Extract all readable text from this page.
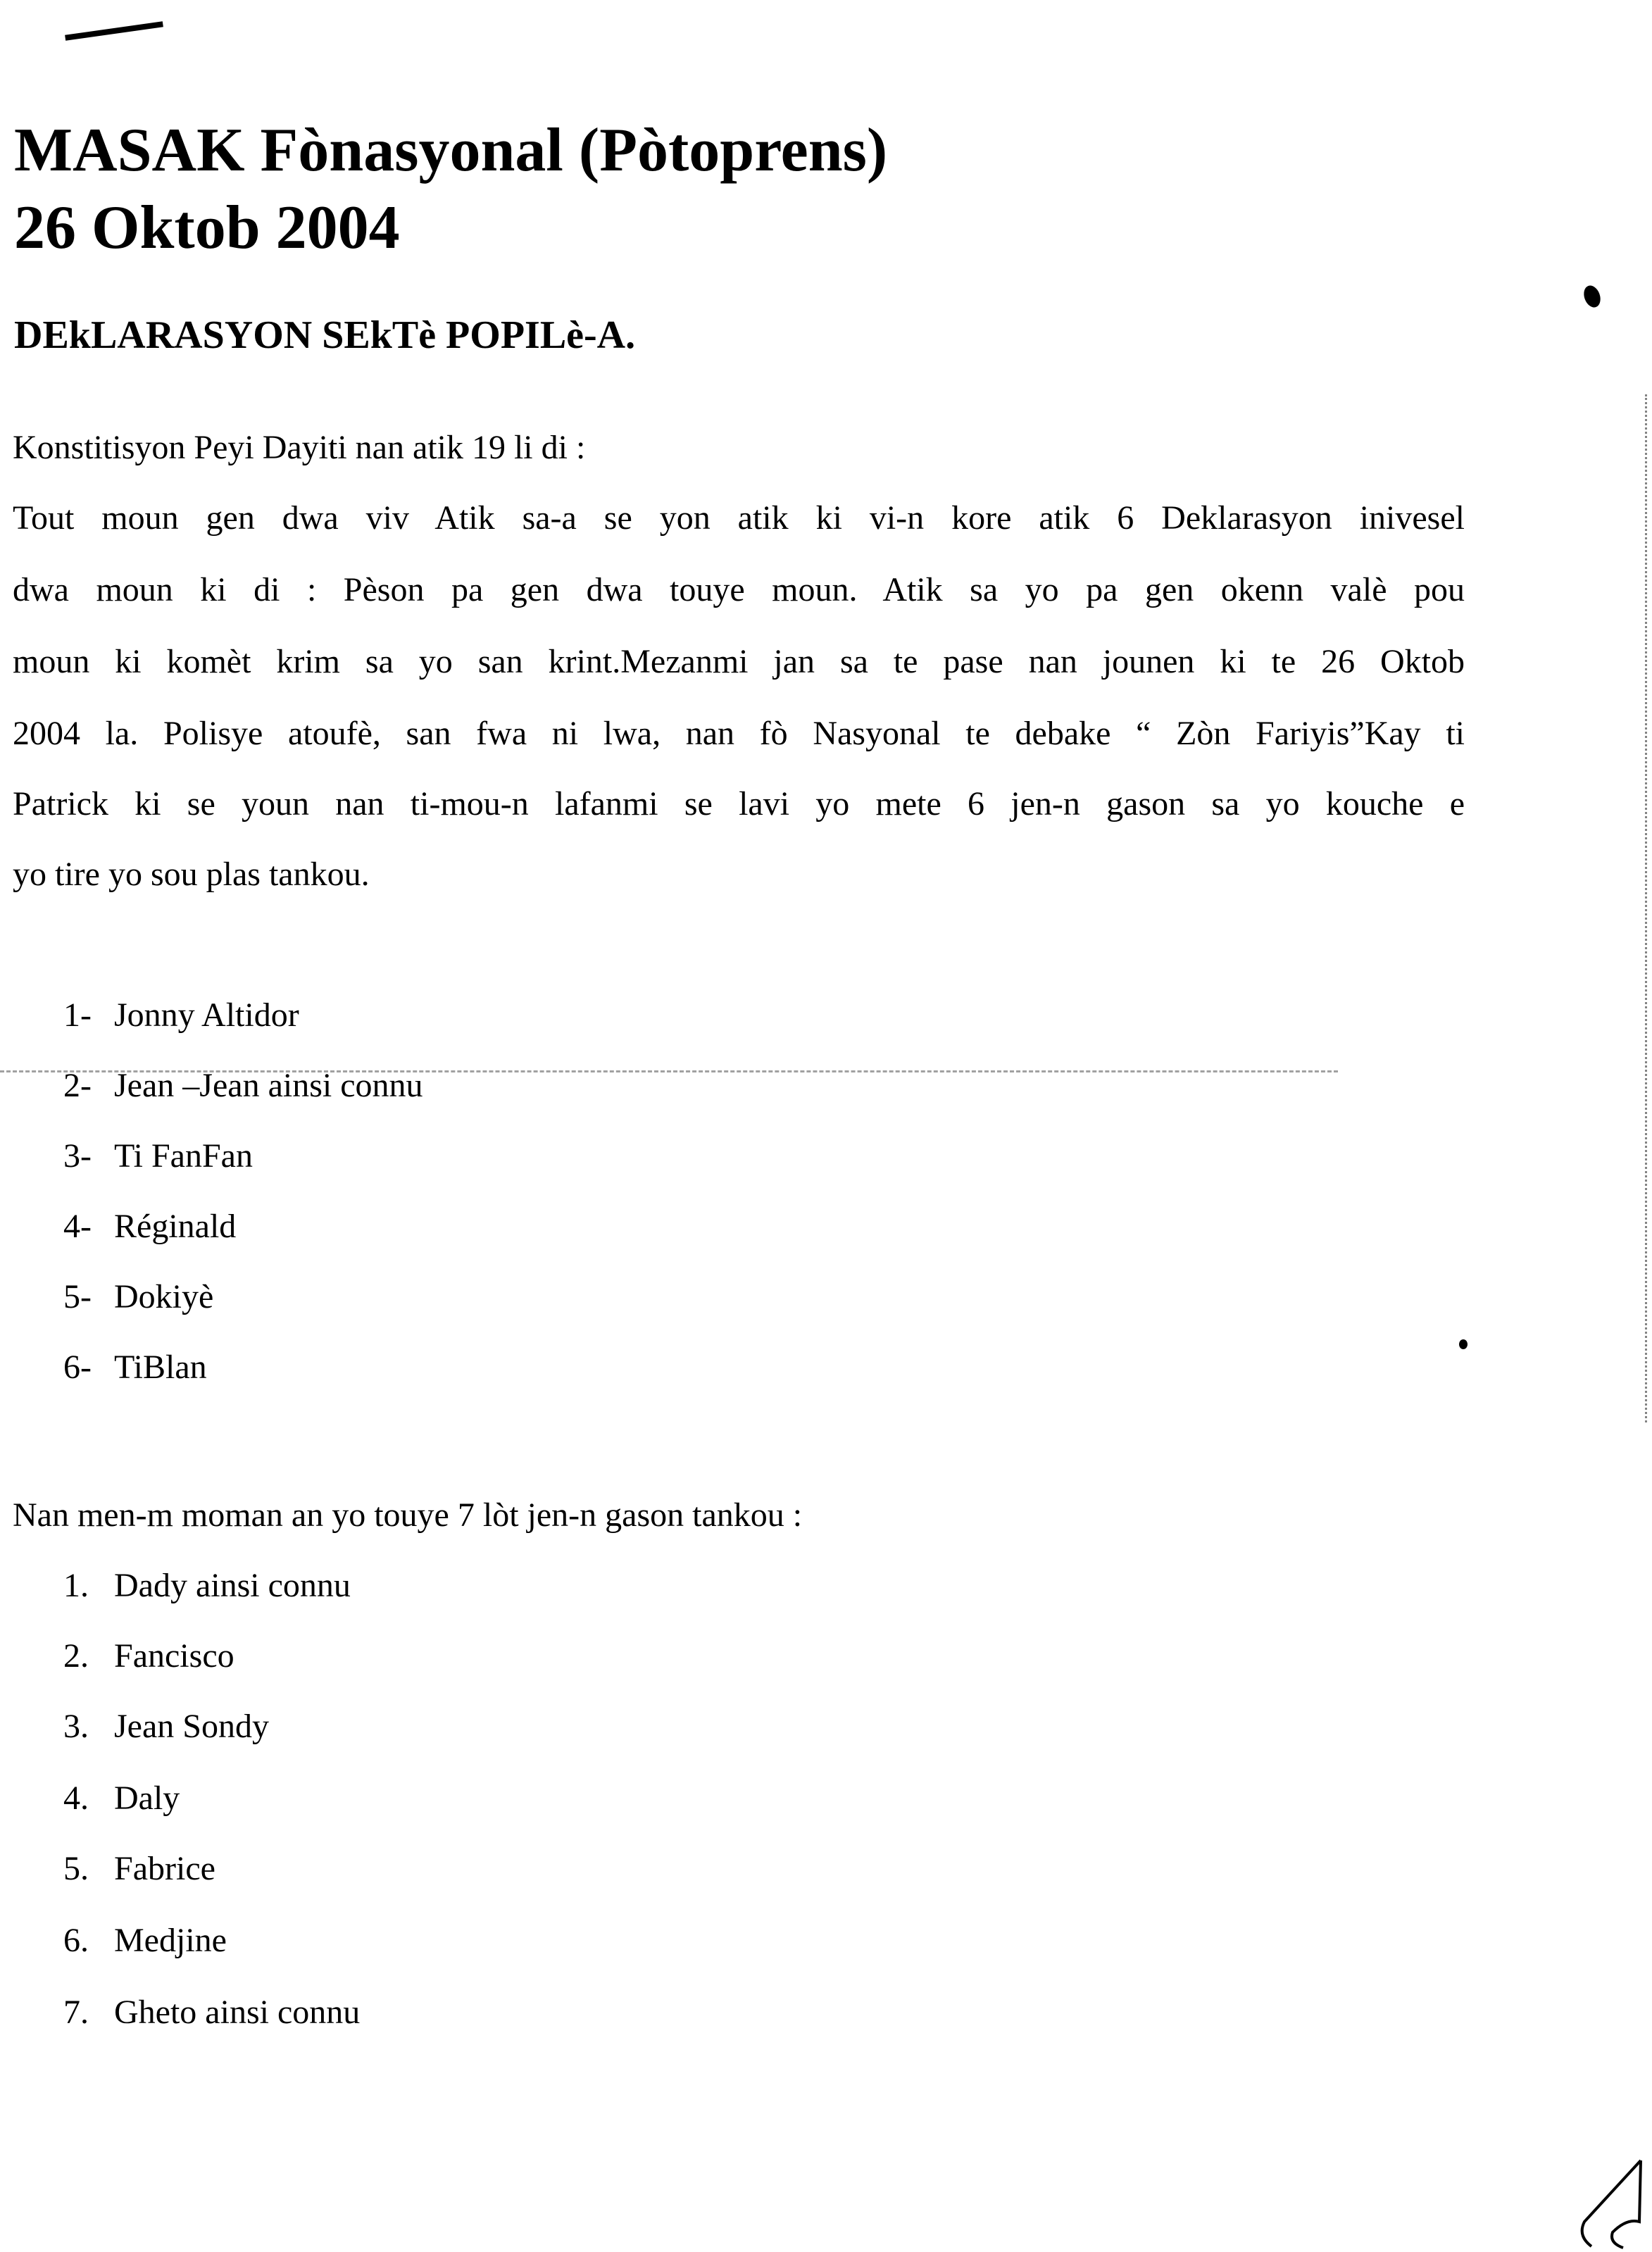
MASAK Fònasyonal (Pòtoprens)
26 Oktob 2004
DEkLARASYON SEkTè POPILè-A.
Konstitisyon Peyi Dayiti nan atik 19 li di :
Tout moun gen dwa viv Atik sa-a se yon atik ki vi-n kore atik 6 Deklarasyon inivesel
dwa moun ki di : Pèson pa gen dwa touye moun. Atik sa yo pa gen okenn valè pou
moun ki komèt krim sa yo san krint.Mezanmi jan sa te pase nan jounen ki te 26 Oktob
2004 la. Polisye atoufè, san fwa ni lwa, nan fò Nasyonal te debake “ Zòn Fariyis”Kay ti
Patrick ki se youn nan ti-mou-n lafanmi se lavi yo mete 6 jen-n gason sa yo kouche e
yo tire yo sou plas tankou.
1- Jonny Altidor
2- Jean –Jean ainsi connu
3- Ti FanFan
4- Réginald
5- Dokiyè
6- TiBlan
Nan men-m moman an yo touye 7 lòt jen-n gason tankou :
1. Dady ainsi connu
2. Fancisco
3. Jean Sondy
4. Daly
5. Fabrice
6. Medjine
7. Gheto ainsi connu
